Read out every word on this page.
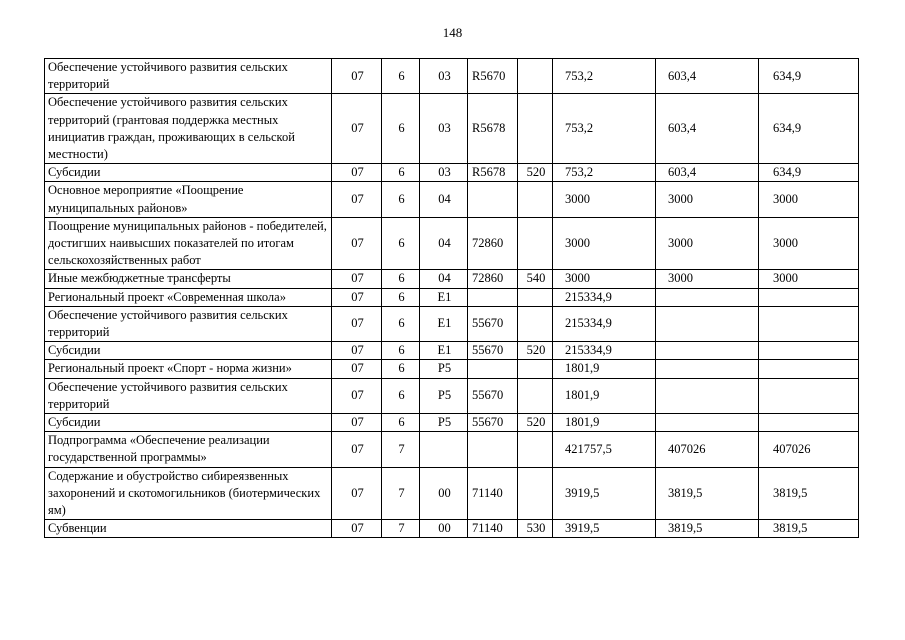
148
Обеспечение устойчивого развития сельских территорий	07	6	03	R5670		753,2	603,4	634,9
Обеспечение устойчивого развития сельских территорий (грантовая поддержка местных инициатив граждан, проживающих в сельской местности)	07	6	03	R5678		753,2	603,4	634,9
Субсидии	07	6	03	R5678	520	753,2	603,4	634,9
Основное мероприятие «Поощрение муниципальных районов»	07	6	04			3000	3000	3000
Поощрение муниципальных районов - победителей, достигших наивысших показателей по итогам сельскохозяйственных работ	07	6	04	72860		3000	3000	3000
Иные межбюджетные трансферты	07	6	04	72860	540	3000	3000	3000
Региональный проект «Современная школа»	07	6	E1			215334,9		
Обеспечение устойчивого развития сельских территорий	07	6	E1	55670		215334,9		
Субсидии	07	6	E1	55670	520	215334,9		
Региональный проект «Спорт - норма жизни»	07	6	P5			1801,9		
Обеспечение устойчивого развития сельских территорий	07	6	P5	55670		1801,9		
Субсидии	07	6	P5	55670	520	1801,9		
Подпрограмма «Обеспечение реализации государственной программы»	07	7				421757,5	407026	407026
Содержание и обустройство сибиреязвенных захоронений и скотомогильников (биотермических ям)	07	7	00	71140		3919,5	3819,5	3819,5
Субвенции	07	7	00	71140	530	3919,5	3819,5	3819,5
